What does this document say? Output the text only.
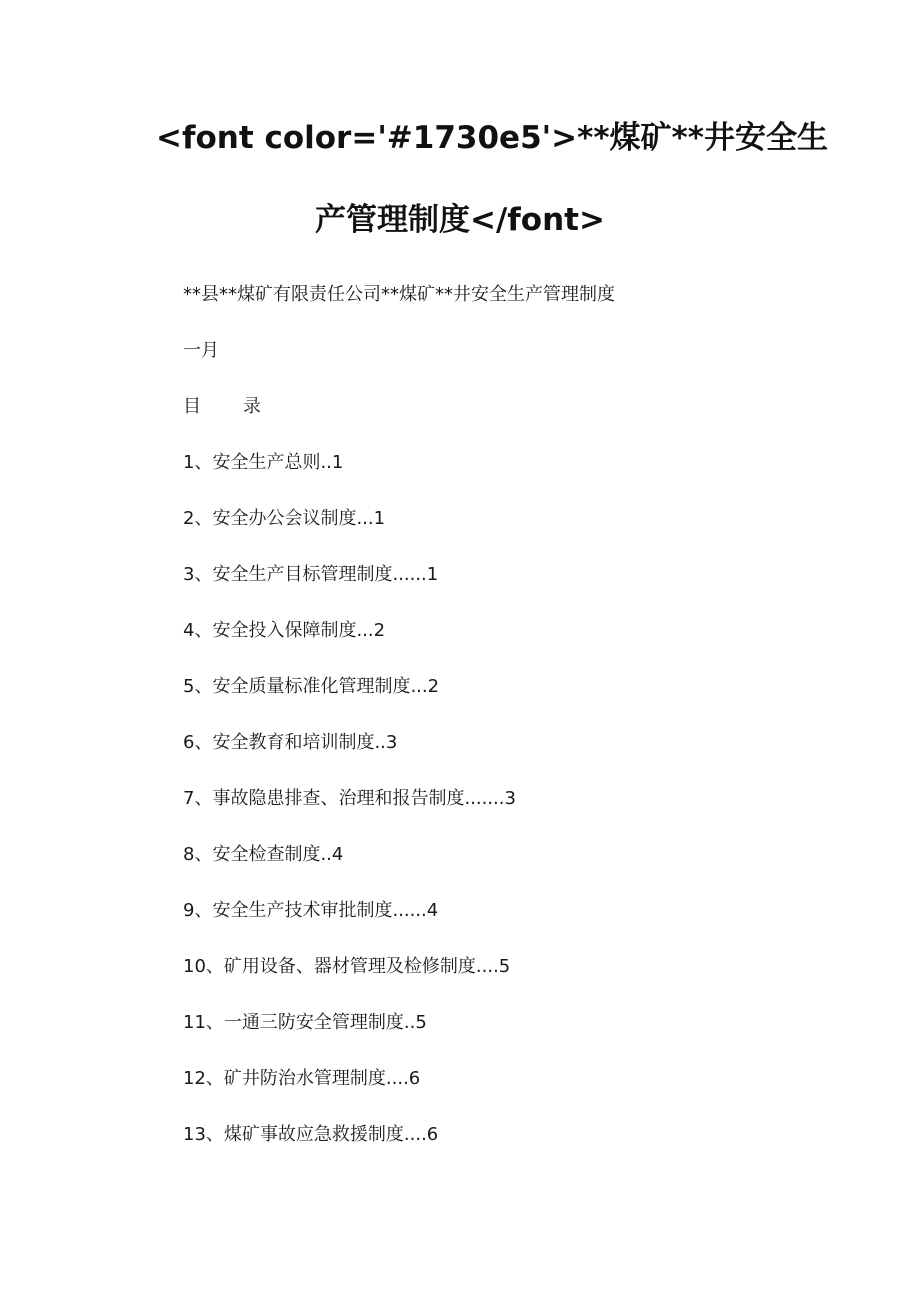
<font color='#1730e5'>**煤矿**井安全生
产管理制度</font>
**县**煤矿有限责任公司**煤矿**井安全生产管理制度
一月
目 录
1、安全生产总则..1
2、安全办公会议制度...1
3、安全生产目标管理制度......1
4、安全投入保障制度...2
5、安全质量标准化管理制度...2
6、安全教育和培训制度..3
7、事故隐患排查、治理和报告制度.......3
8、安全检查制度..4
9、安全生产技术审批制度......4
10、矿用设备、器材管理及检修制度....5
11、一通三防安全管理制度..5
12、矿井防治水管理制度....6
13、煤矿事故应急救援制度....6
